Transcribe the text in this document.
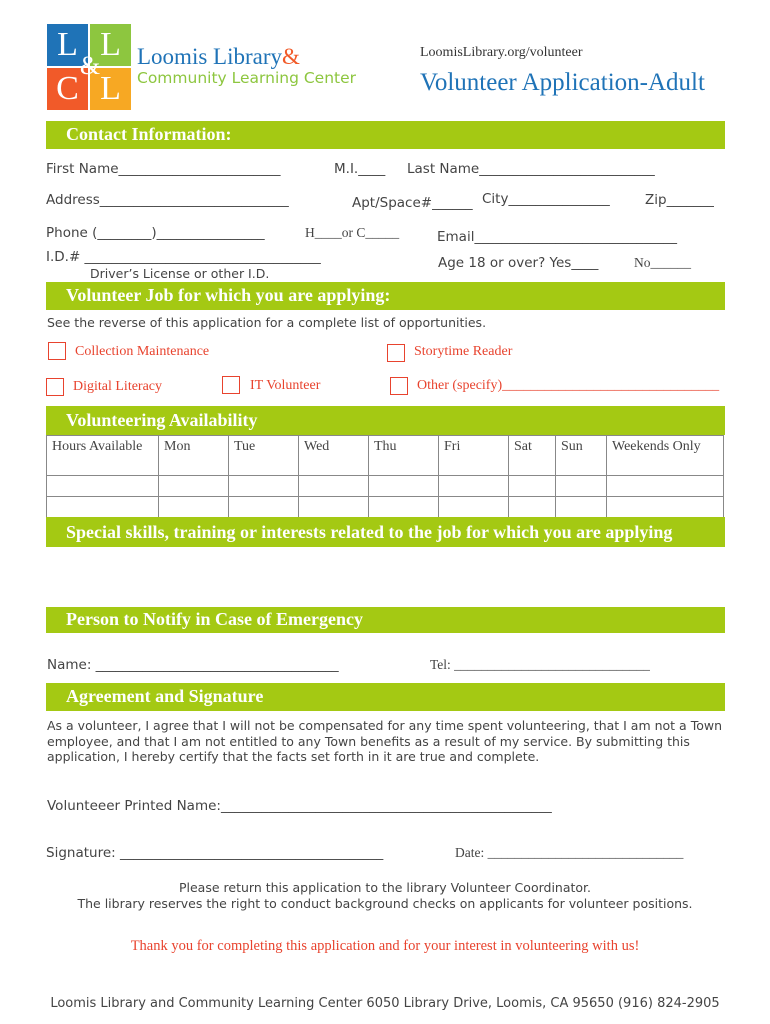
L L
C L
& Loomis Library&
Community Learning Center
LoomisLibrary.org/volunteer
Volunteer Application-Adult
Contact Information:
First Name________________________	M.I.____ Last Name__________________________
Address____________________________	Apt/Space#______ City_______________	Zip_______
Phone (________)________________	H____or C_____	Email______________________________
I.D.# ___________________________________
Driver’s License or other I.D.
Age 18 or over? Yes____	No______
Volunteer Job for which you are applying:
See the reverse of this application for a complete list of opportunities.
Collection Maintenance	Storytime Reader
Digital Literacy	IT Volunteer	Other (specify)_______________________________
Volunteering Availability
Hours Available	Mon	Tue	Wed	Thu	Fri	Sat	Sun	Weekends Only

Special skills, training or interests related to the job for which you are applying
Person to Notify in Case of Emergency
Name: ____________________________________	Tel: _____________________________
Agreement and Signature
As a volunteer, I agree that I will not be compensated for any time spent volunteering, that I am not a Town employee, and that I am not entitled to any Town benefits as a result of my service. By submitting this application, I hereby certify that the facts set forth in it are true and complete.
Volunteeer Printed Name:_________________________________________________
Signature: _______________________________________	Date: _____________________________
Please return this application to the library Volunteer Coordinator.
The library reserves the right to conduct background checks on applicants for volunteer positions.
Thank you for completing this application and for your interest in volunteering with us!
Loomis Library and Community Learning Center 6050 Library Drive, Loomis, CA 95650 (916) 824-2905
